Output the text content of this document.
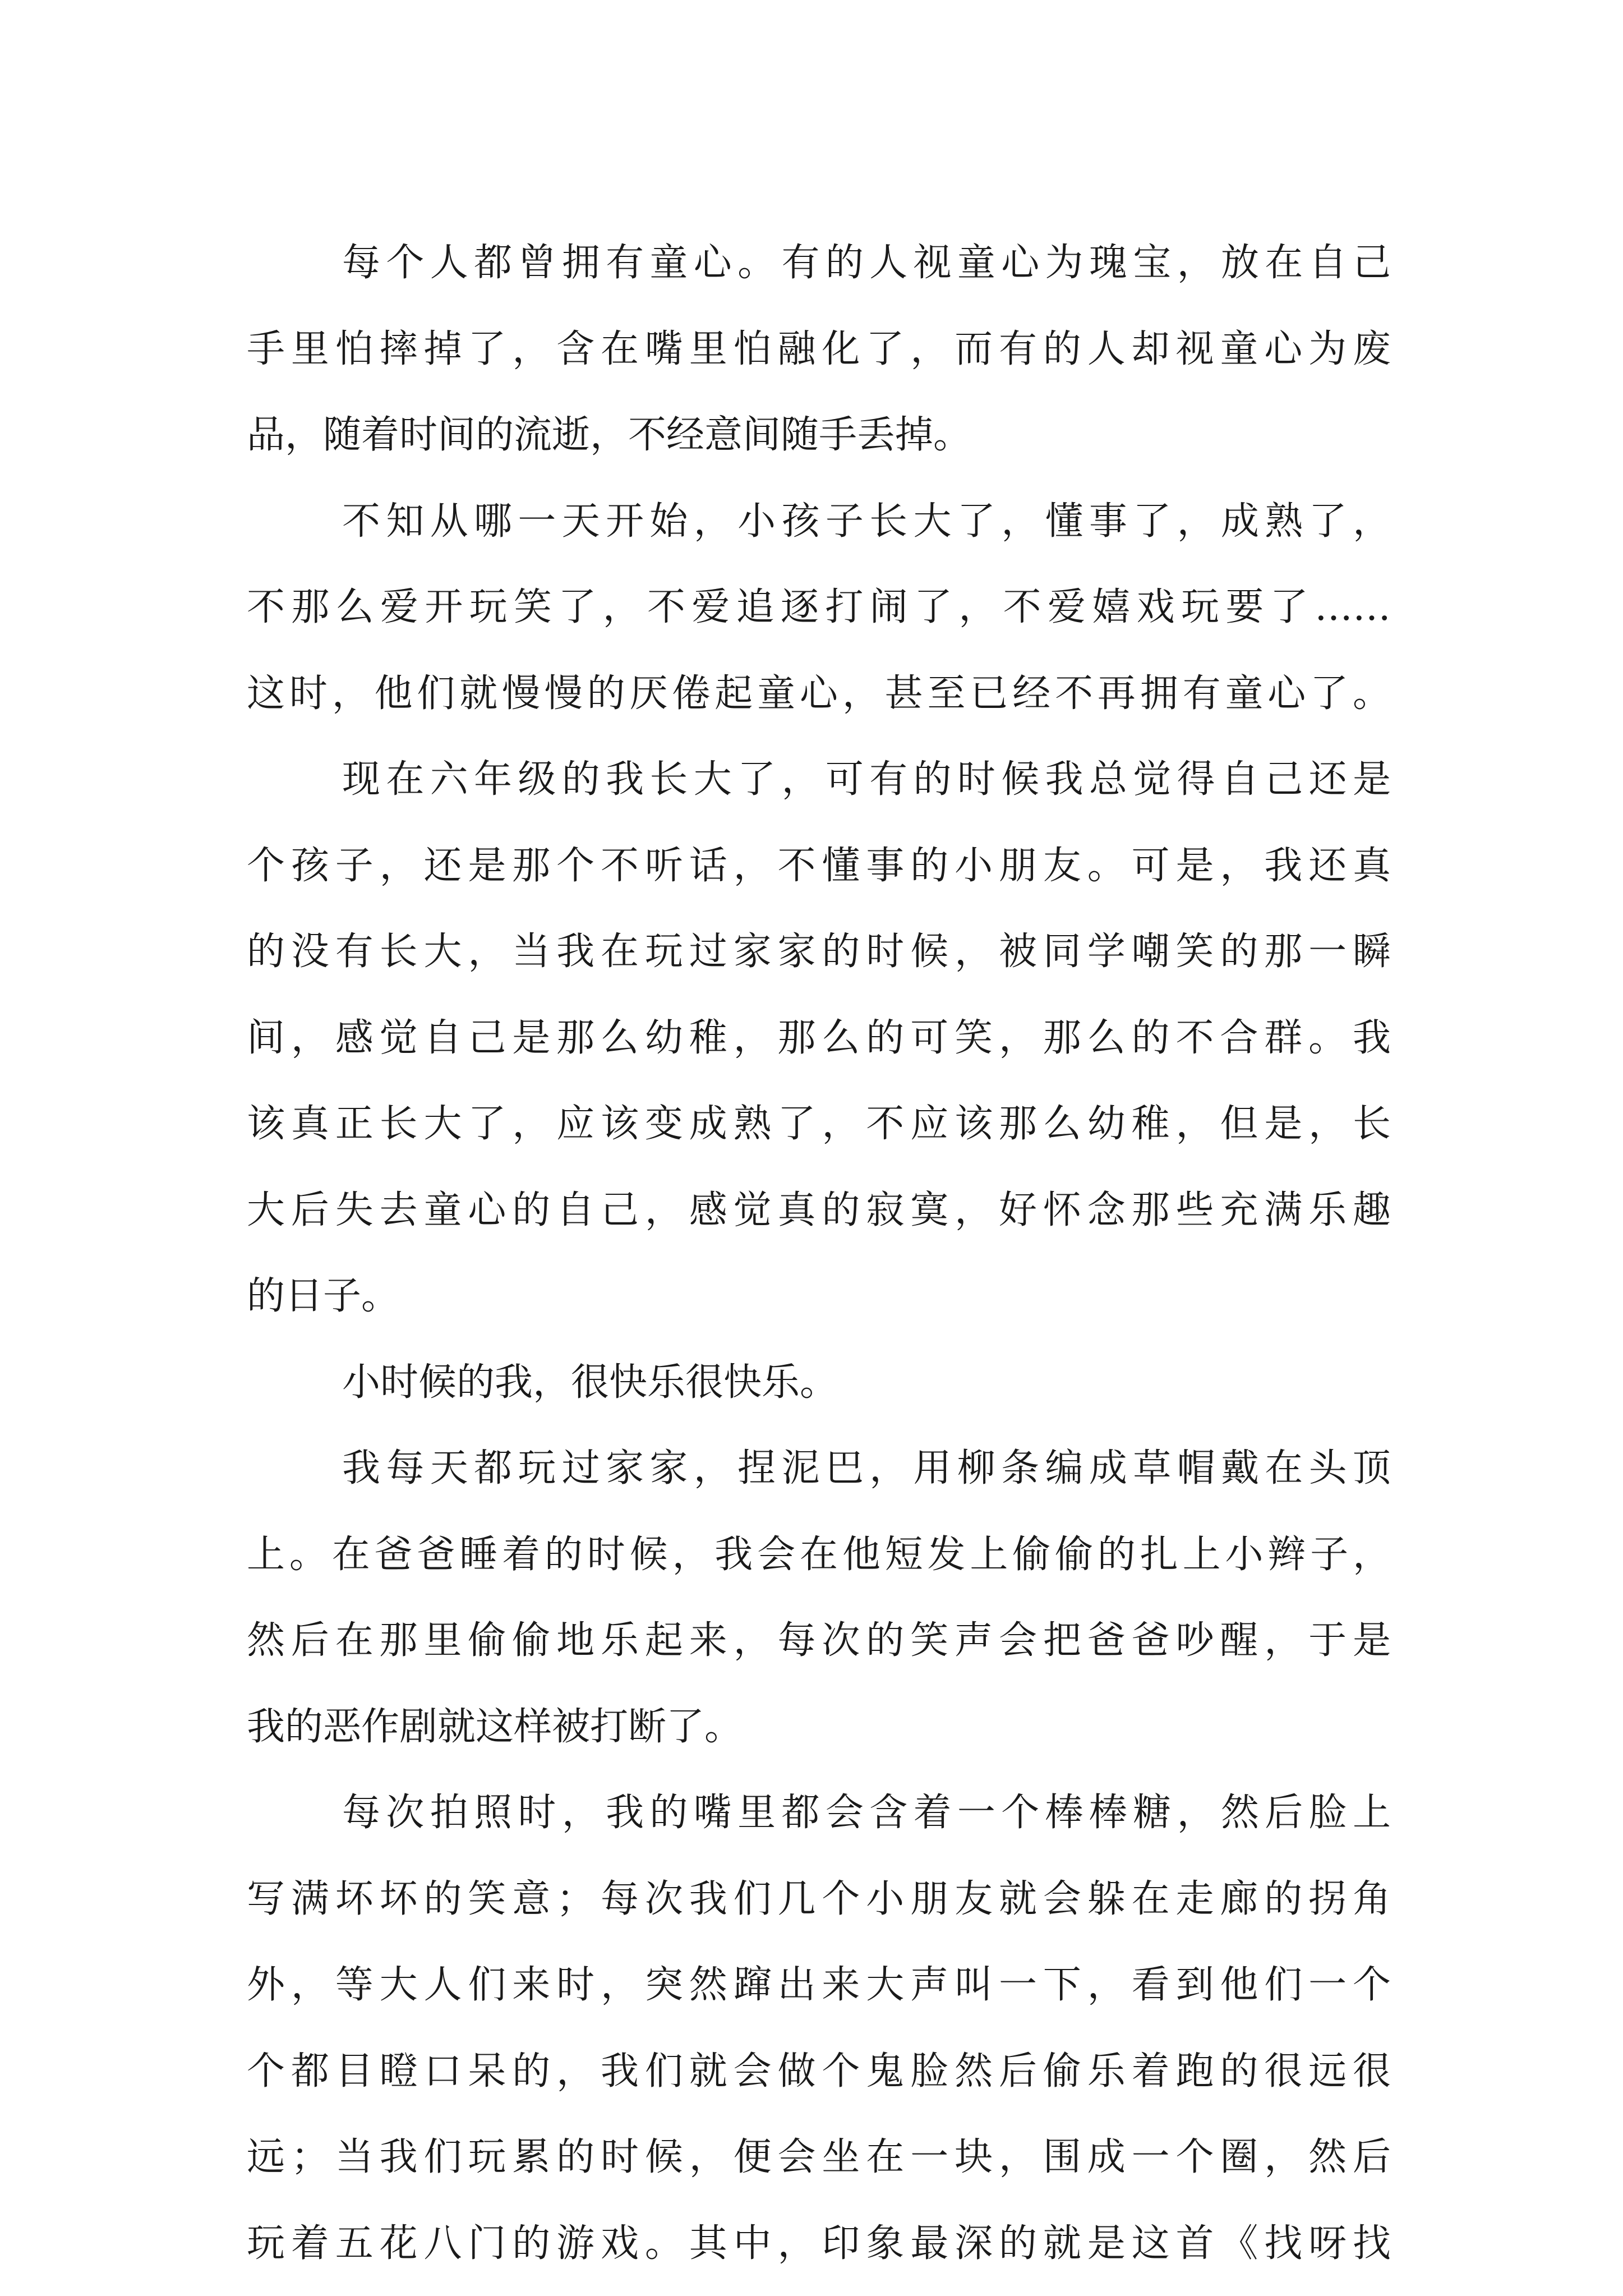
每个人都曾拥有童心。有的人视童心为瑰宝，放在自己
手里怕摔掉了，含在嘴里怕融化了，而有的人却视童心为废
品，随着时间的流逝，不经意间随手丢掉。
不知从哪一天开始，小孩子长大了，懂事了，成熟了，
不那么爱开玩笑了，不爱追逐打闹了，不爱嬉戏玩要了……
这时，他们就慢慢的厌倦起童心，甚至已经不再拥有童心了。
现在六年级的我长大了，可有的时候我总觉得自己还是
个孩子，还是那个不听话，不懂事的小朋友。可是，我还真
的没有长大，当我在玩过家家的时候，被同学嘲笑的那一瞬
间，感觉自己是那么幼稚，那么的可笑，那么的不合群。我
该真正长大了，应该变成熟了，不应该那么幼稚，但是，长
大后失去童心的自己，感觉真的寂寞，好怀念那些充满乐趣
的日子。
小时候的我，很快乐很快乐。
我每天都玩过家家，捏泥巴，用柳条编成草帽戴在头顶
上。在爸爸睡着的时候，我会在他短发上偷偷的扎上小辫子，
然后在那里偷偷地乐起来，每次的笑声会把爸爸吵醒，于是
我的恶作剧就这样被打断了。
每次拍照时，我的嘴里都会含着一个棒棒糖，然后脸上
写满坏坏的笑意；每次我们几个小朋友就会躲在走廊的拐角
外，等大人们来时，突然蹿出来大声叫一下，看到他们一个
个都目瞪口呆的，我们就会做个鬼脸然后偷乐着跑的很远很
远；当我们玩累的时候，便会坐在一块，围成一个圈，然后
玩着五花八门的游戏。其中，印象最深的就是这首《找呀找
